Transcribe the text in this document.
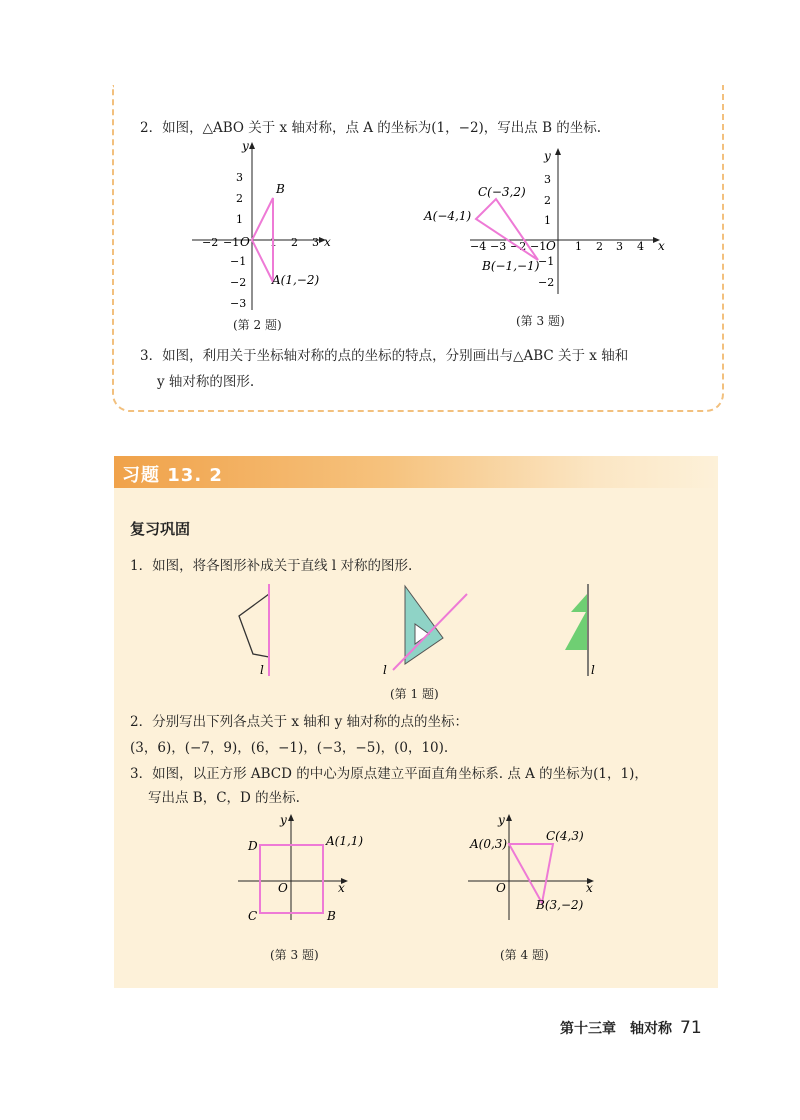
2．如图，△ABO 关于 x 轴对称，点 A 的坐标为(1，−2)，写出点 B 的坐标.
x
y
O
−2 −1	1 2 3
3
2
1
−1
−2
−3
B
A(1,−2)
(第 2 题)
x
y
O
−4 −3 −2 −1	1 2 3 4
3
2
1
−1
−2
C(−3,2)
A(−4,1)
B(−1,−1)
(第 3 题)
3．如图，利用关于坐标轴对称的点的坐标的特点，分别画出与△ABC 关于 x 轴和
y 轴对称的图形.
习题 13. 2
复习巩固
1．如图，将各图形补成关于直线 l 对称的图形.
l	l	l
(第 1 题)
2．分别写出下列各点关于 x 轴和 y 轴对称的点的坐标：
(3，6)，(−7，9)，(6，−1)，(−3，−5)，(0，10).
3．如图，以正方形 ABCD 的中心为原点建立平面直角坐标系. 点 A 的坐标为(1，1)，
写出点 B，C，D 的坐标.
x
y
O
D	A(1,1)
C	B
(第 3 题)
x
y
O
A(0,3)
C(4,3)
B(3,−2)
(第 4 题)
第十三章　轴对称 71
